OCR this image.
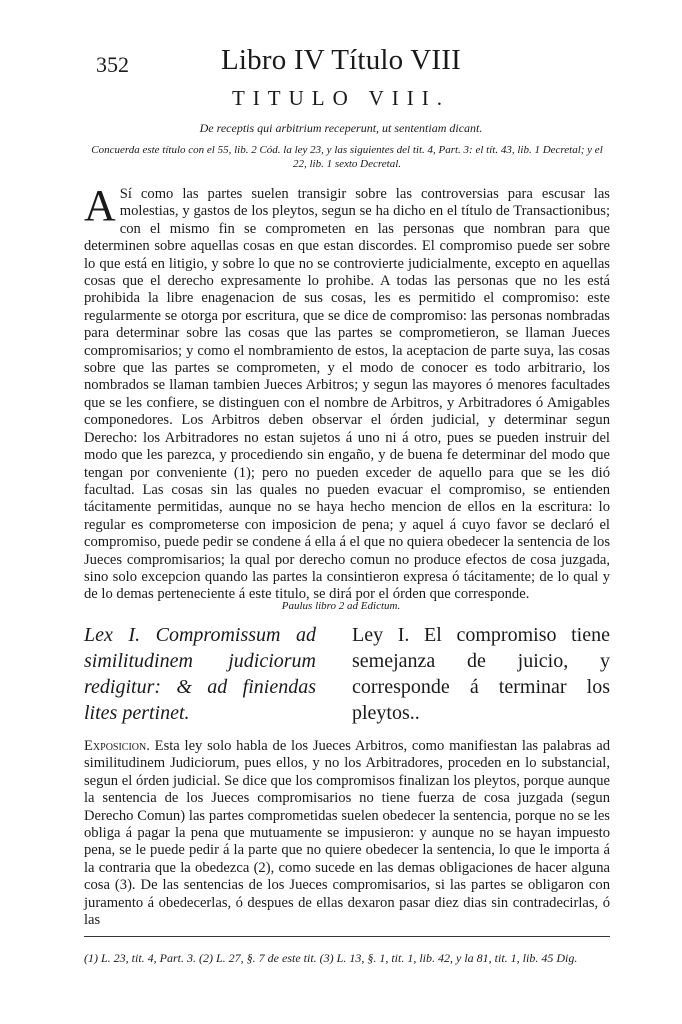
352	Libro IV Título VIII
TITULO VIII.
De receptis qui arbitrium receperunt, ut sententiam dicant.
Concuerda este título con el 55, lib. 2 Cód. la ley 23, y las siguientes del tit. 4, Part. 3: el tít. 43, lib. 1 Decretal; y el 22, lib. 1 sexto Decretal.
A Sí como las partes suelen transigir sobre las controversias para escusar las molestias, y gastos de los pleytos, segun se ha dicho en el título de Transactionibus; con el mismo fin se comprometen en las personas que nombran para que determinen sobre aquellas cosas en que estan discordes. El compromiso puede ser sobre lo que está en litigio, y sobre lo que no se controvierte judicialmente, excepto en aquellas cosas que el derecho expresamente lo prohibe. A todas las personas que no les está prohibida la libre enagenacion de sus cosas, les es permitido el compromiso: este regularmente se otorga por escritura, que se dice de compromiso: las personas nombradas para determinar sobre las cosas que las partes se comprometieron, se llaman Jueces compromisarios; y como el nombramiento de estos, la aceptacion de parte suya, las cosas sobre que las partes se comprometen, y el modo de conocer es todo arbitrario, los nombrados se llaman tambien Jueces Arbitros; y segun las mayores ó menores facultades que se les confiere, se distinguen con el nombre de Arbitros, y Arbitradores ó Amigables componedores. Los Arbitros deben observar el órden judicial, y determinar segun Derecho: los Arbitradores no estan sujetos á uno ni á otro, pues se pueden instruir del modo que les parezca, y procediendo sin engaño, y de buena fe determinar del modo que tengan por conveniente (1); pero no pueden exceder de aquello para que se les dió facultad. Las cosas sin las quales no pueden evacuar el compromiso, se entienden tácitamente permitidas, aunque no se haya hecho mencion de ellos en la escritura: lo regular es comprometerse con imposicion de pena; y aquel á cuyo favor se declaró el compromiso, puede pedir se condene á ella á el que no quiera obedecer la sentencia de los Jueces compromisarios; la qual por derecho comun no produce efectos de cosa juzgada, sino solo excepcion quando las partes la consintieron expresa ó tácitamente; de lo qual y de lo demas perteneciente á este titulo, se dirá por el órden que corresponde.
Paulus libro 2 ad Edictum.
Lex I. Compromissum ad similitudinem judiciorum redigitur: & ad finiendas lites pertinet.
Ley I. El compromiso tiene semejanza de juicio, y corresponde á terminar los pleytos..
Exposicion. Esta ley solo habla de los Jueces Arbitros, como manifiestan las palabras ad similitudinem Judiciorum, pues ellos, y no los Arbitradores, proceden en lo substancial, segun el órden judicial. Se dice que los compromisos finalizan los pleytos, porque aunque la sentencia de los Jueces compromisarios no tiene fuerza de cosa juzgada (segun Derecho Comun) las partes comprometidas suelen obedecer la sentencia, porque no se les obliga á pagar la pena que mutuamente se impusieron: y aunque no se hayan impuesto pena, se le puede pedir á la parte que no quiere obedecer la sentencia, lo que le importa á la contraria que la obedezca (2), como sucede en las demas obligaciones de hacer alguna cosa (3). De las sentencias de los Jueces compromisarios, si las partes se obligaron con juramento á obedecerlas, ó despues de ellas dexaron pasar diez dias sin contradecirlas, ó las
(1) L. 23, tit. 4, Part. 3. (2) L. 27, §. 7 de este tit. (3) L. 13, §. 1, tit. 1, lib. 42, y la 81, tit. 1, lib. 45 Dig.
